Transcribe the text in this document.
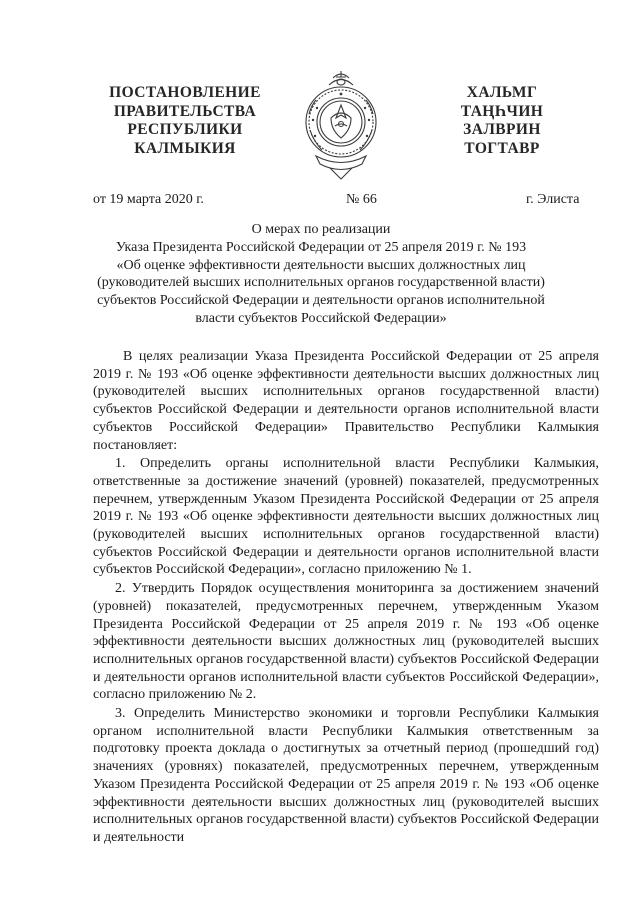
ПОСТАНОВЛЕНИЕ
ПРАВИТЕЛЬСТВА
РЕСПУБЛИКИ
КАЛМЫКИЯ
ХАЛЬМГ
ТАҢҺЧИН
ЗАЛВРИН
ТОГТАВР
от 19 марта 2020 г.	№ 66	г. Элиста
О мерах по реализации
Указа Президента Российской Федерации от 25 апреля 2019 г. № 193
«Об оценке эффективности деятельности высших должностных лиц
(руководителей высших исполнительных органов государственной власти)
субъектов Российской Федерации и деятельности органов исполнительной
власти субъектов Российской Федерации»

В целях реализации Указа Президента Российской Федерации от 25 апреля 2019 г. № 193 «Об оценке эффективности деятельности высших должностных лиц (руководителей высших исполнительных органов государственной власти) субъектов Российской Федерации и деятельности органов исполнительной власти субъектов Российской Федерации» Правительство Республики Калмыкия постановляет:

1. Определить органы исполнительной власти Республики Калмыкия, ответственные за достижение значений (уровней) показателей, предусмотренных перечнем, утвержденным Указом Президента Российской Федерации от 25 апреля 2019 г. № 193 «Об оценке эффективности деятельности высших должностных лиц (руководителей высших исполнительных органов государственной власти) субъектов Российской Федерации и деятельности органов исполнительной власти субъектов Российской Федерации», согласно приложению № 1.

2. Утвердить Порядок осуществления мониторинга за достижением значений (уровней) показателей, предусмотренных перечнем, утвержденным Указом Президента Российской Федерации от 25 апреля 2019 г. № 193 «Об оценке эффективности деятельности высших должностных лиц (руководителей высших исполнительных органов государственной власти) субъектов Российской Федерации и деятельности органов исполнительной власти субъектов Российской Федерации», согласно приложению № 2.

3. Определить Министерство экономики и торговли Республики Калмыкия органом исполнительной власти Республики Калмыкия ответственным за подготовку проекта доклада о достигнутых за отчетный период (прошедший год) значениях (уровнях) показателей, предусмотренных перечнем, утвержденным Указом Президента Российской Федерации от 25 апреля 2019 г. № 193 «Об оценке эффективности деятельности высших должностных лиц (руководителей высших исполнительных органов государственной власти) субъектов Российской Федерации и деятельности
